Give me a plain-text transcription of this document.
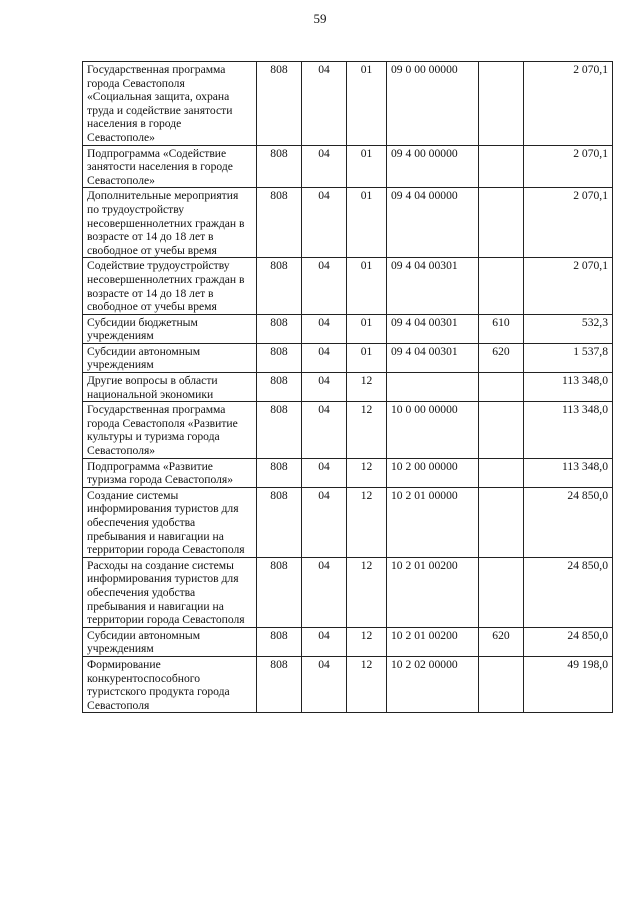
59
Государственная программа города Севастополя «Социальная защита, охрана труда и содействие занятости населения в городе Севастополе»	808	04	01	09 0 00 00000		2 070,1
Подпрограмма «Содействие занятости населения в городе Севастополе»	808	04	01	09 4 00 00000		2 070,1
Дополнительные мероприятия по трудоустройству несовершеннолетних граждан в возрасте от 14 до 18 лет в свободное от учебы время	808	04	01	09 4 04 00000		2 070,1
Содействие трудоустройству несовершеннолетних граждан в возрасте от 14 до 18 лет в свободное от учебы время	808	04	01	09 4 04 00301		2 070,1
Субсидии бюджетным учреждениям	808	04	01	09 4 04 00301	610	532,3
Субсидии автономным учреждениям	808	04	01	09 4 04 00301	620	1 537,8
Другие вопросы в области национальной экономики	808	04	12			113 348,0
Государственная программа города Севастополя «Развитие культуры и туризма города Севастополя»	808	04	12	10 0 00 00000		113 348,0
Подпрограмма «Развитие туризма города Севастополя»	808	04	12	10 2 00 00000		113 348,0
Создание системы информирования туристов для обеспечения удобства пребывания и навигации на территории города Севастополя	808	04	12	10 2 01 00000		24 850,0
Расходы на создание системы информирования туристов для обеспечения удобства пребывания и навигации на территории города Севастополя	808	04	12	10 2 01 00200		24 850,0
Субсидии автономным учреждениям	808	04	12	10 2 01 00200	620	24 850,0
Формирование конкурентоспособного туристского продукта города Севастополя	808	04	12	10 2 02 00000		49 198,0
